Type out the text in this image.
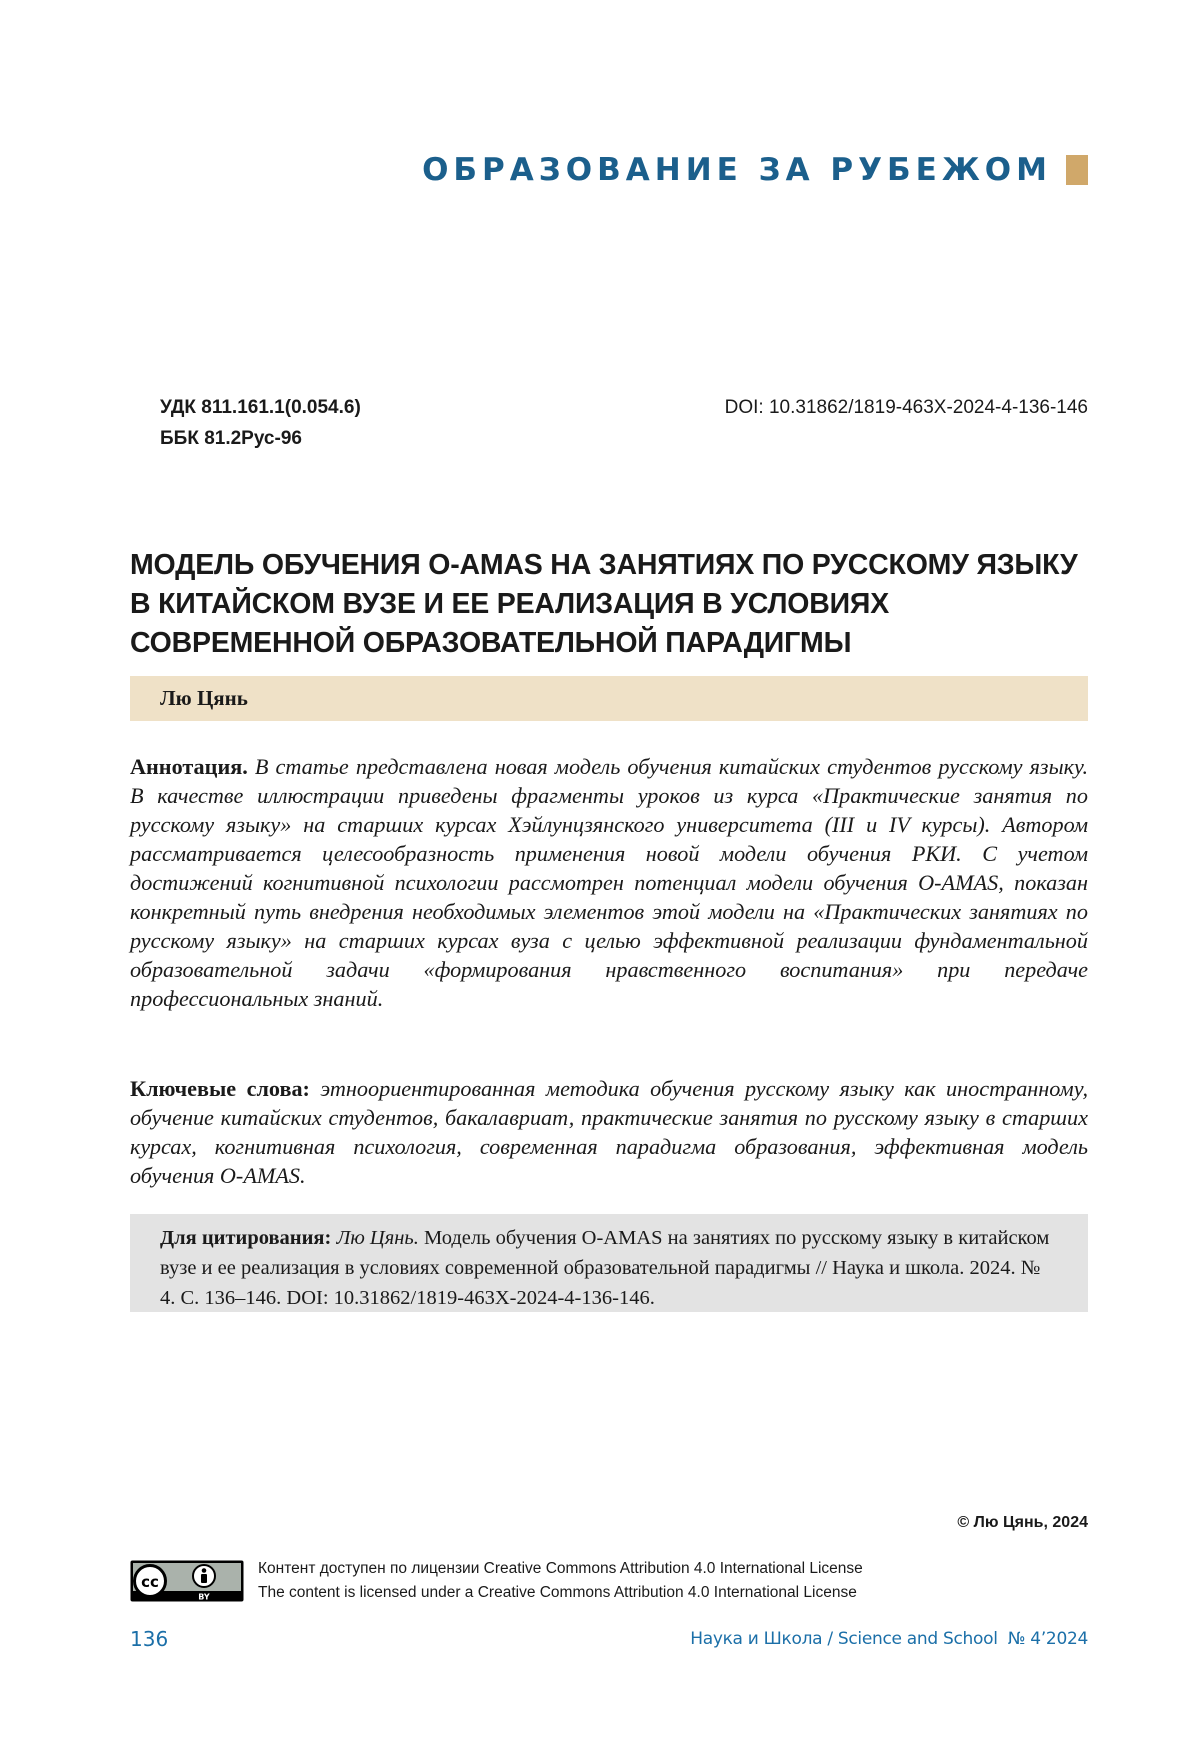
ОБРАЗОВАНИЕ ЗА РУБЕЖОМ
УДК 811.161.1(0.054.6)
ББК 81.2Рус-96
DOI: 10.31862/1819-463X-2024-4-136-146
МОДЕЛЬ ОБУЧЕНИЯ O-AMAS НА ЗАНЯТИЯХ ПО РУССКОМУ ЯЗЫКУ
В КИТАЙСКОМ ВУЗЕ И ЕЕ РЕАЛИЗАЦИЯ В УСЛОВИЯХ
СОВРЕМЕННОЙ ОБРАЗОВАТЕЛЬНОЙ ПАРАДИГМЫ
Лю Цянь
Аннотация. В статье представлена новая модель обучения китайских студентов русскому языку. В качестве иллюстрации приведены фрагменты уроков из курса «Практические занятия по русскому языку» на старших курсах Хэйлунцзянского университета (III и IV курсы). Автором рассматривается целесообразность применения новой модели обучения РКИ. С учетом достижений когнитивной психологии рассмотрен потенциал модели обучения O-AMAS, показан конкретный путь внедрения необходимых элементов этой модели на «Практических занятиях по русскому языку» на старших курсах вуза с целью эффективной реализации фундаментальной образовательной задачи «формирования нравственного воспитания» при передаче профессиональных знаний.
Ключевые слова: этноориентированная методика обучения русскому языку как иностранному, обучение китайских студентов, бакалавриат, практические занятия по русскому языку в старших курсах, когнитивная психология, современная парадигма образования, эффективная модель обучения O-AMAS.
Для цитирования: Лю Цянь. Модель обучения O-AMAS на занятиях по русскому языку в китайском вузе и ее реализация в условиях современной образовательной парадигмы // Наука и школа. 2024. № 4. С. 136–146. DOI: 10.31862/1819-463X-2024-4-136-146.
© Лю Цянь, 2024
cc
BY
Контент доступен по лицензии Creative Commons Attribution 4.0 International License
The content is licensed under a Creative Commons Attribution 4.0 International License
136	Наука и Школа / Science and School  № 4’2024
